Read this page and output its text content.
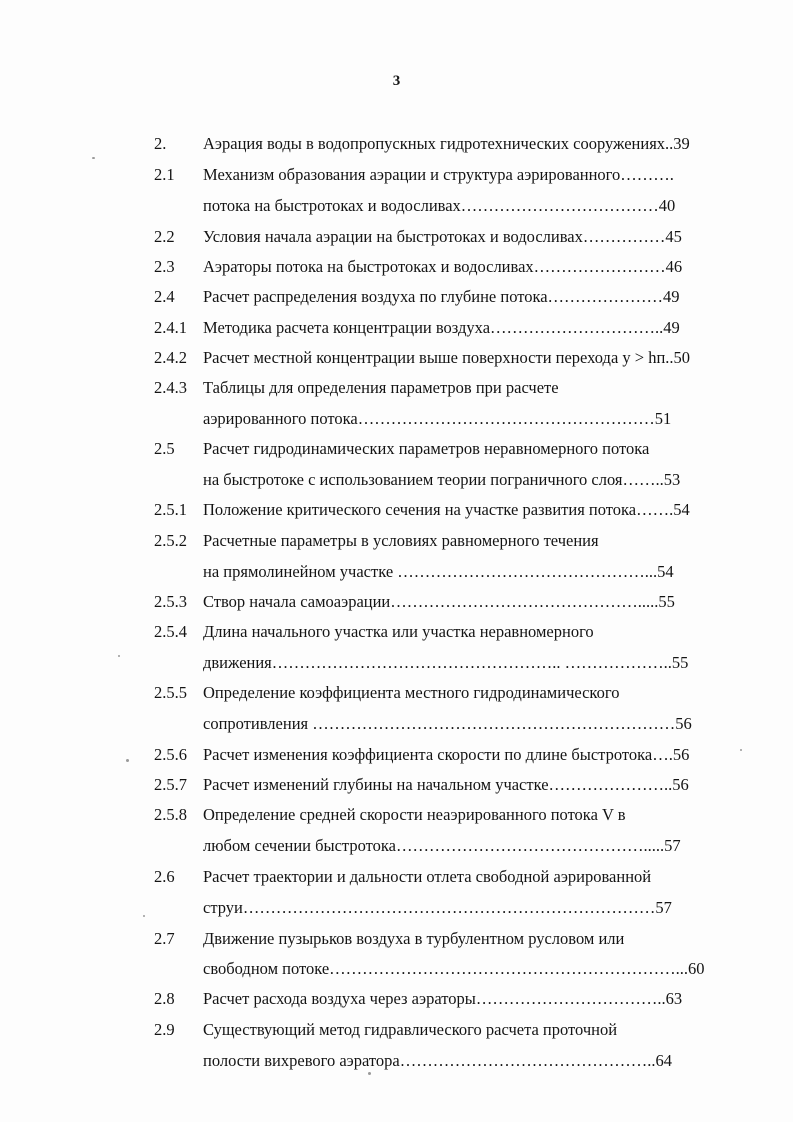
3
2. Аэрация воды в водопропускных гидротехнических сооружениях..39
2.1 Механизм образования аэрации и структура аэрированного……….
потока на быстротоках и водосливах………………………………40
2.2 Условия начала аэрации на быстротоках и водосливах……………45
2.3 Аэраторы потока на быстротоках и водосливах……………………46
2.4 Расчет распределения воздуха по глубине потока…………………49
2.4.1 Методика расчета концентрации воздуха…………………………..49
2.4.2 Расчет местной концентрации выше поверхности перехода y > hп..50
2.4.3 Таблицы для определения параметров при расчете
аэрированного потока………………………………………………51
2.5 Расчет гидродинамических параметров неравномерного потока
на быстротоке с использованием теории пограничного слоя……..53
2.5.1 Положение критического сечения на участке развития потока…….54
2.5.2 Расчетные параметры в условиях равномерного течения
на прямолинейном участке ………………………………………...54
2.5.3 Створ начала самоаэрации……………………………………….....55
2.5.4 Длина начального участка или участка неравномерного
движения…………………………………………….. ………………..55
2.5.5 Определение коэффициента местного гидродинамического
сопротивления …………………………………………………………56
2.5.6 Расчет изменения коэффициента скорости по длине быстротока….56
2.5.7 Расчет изменений глубины на начальном участке…………………..56
2.5.8 Определение средней скорости неаэрированного потока V в
любом сечении быстротока……………………………………….....57
2.6 Расчет траектории и дальности отлета свободной аэрированной
струи…………………………………………………………………57
2.7 Движение пузырьков воздуха в турбулентном русловом или
свободном потоке………………………………………………………...60
2.8 Расчет расхода воздуха через аэраторы……………………………..63
2.9 Существующий метод гидравлического расчета проточной
полости вихревого аэратора………………………………………..64
